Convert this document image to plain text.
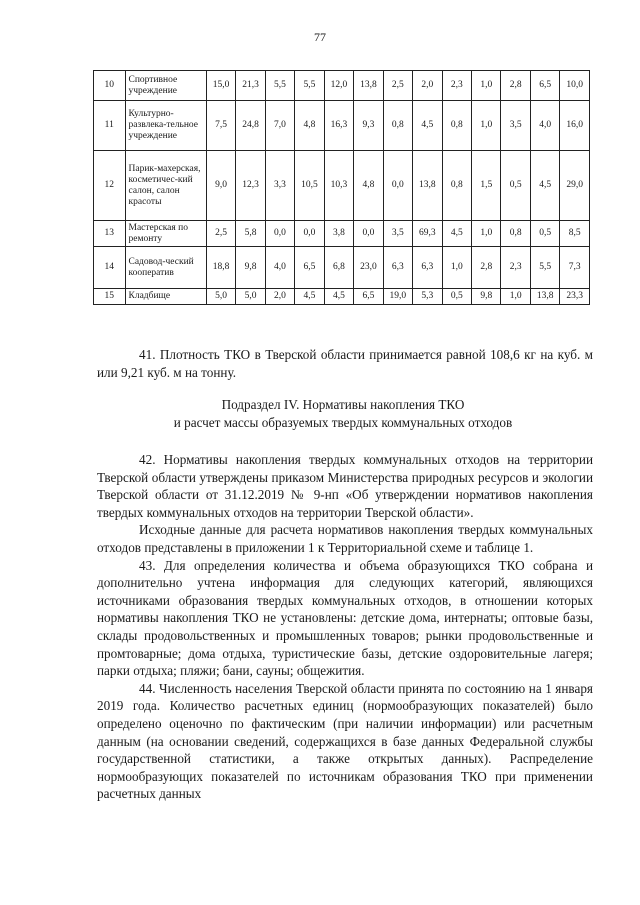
77
10	Спортивное учреждение	15,0	21,3	5,5	5,5	12,0	13,8	2,5	2,0	2,3	1,0	2,8	6,5	10,0
11	Культурно-развлека-тельное учреждение	7,5	24,8	7,0	4,8	16,3	9,3	0,8	4,5	0,8	1,0	3,5	4,0	16,0
12	Парик-махерская, косметичес-кий салон, салон красоты	9,0	12,3	3,3	10,5	10,3	4,8	0,0	13,8	0,8	1,5	0,5	4,5	29,0
13	Мастерская по ремонту	2,5	5,8	0,0	0,0	3,8	0,0	3,5	69,3	4,5	1,0	0,8	0,5	8,5
14	Садовод-ческий кооператив	18,8	9,8	4,0	6,5	6,8	23,0	6,3	6,3	1,0	2,8	2,3	5,5	7,3
15	Кладбище	5,0	5,0	2,0	4,5	4,5	6,5	19,0	5,3	0,5	9,8	1,0	13,8	23,3

41. Плотность ТКО в Тверской области принимается равной 108,6 кг на куб. м или 9,21 куб. м на тонну.

Подраздел IV. Нормативы накопления ТКО
и расчет массы образуемых твердых коммунальных отходов

42. Нормативы накопления твердых коммунальных отходов на территории Тверской области утверждены приказом Министерства природных ресурсов и экологии Тверской области от 31.12.2019 № 9-нп «Об утверждении нормативов накопления твердых коммунальных отходов на территории Тверской области».

Исходные данные для расчета нормативов накопления твердых коммунальных отходов представлены в приложении 1 к Территориальной схеме и таблице 1.

43. Для определения количества и объема образующихся ТКО собрана и дополнительно учтена информация для следующих категорий, являющихся источниками образования твердых коммунальных отходов, в отношении которых нормативы накопления ТКО не установлены: детские дома, интернаты; оптовые базы, склады продовольственных и промышленных товаров; рынки продовольственные и промтоварные; дома отдыха, туристические базы, детские оздоровительные лагеря; парки отдыха; пляжи; бани, сауны; общежития.

44. Численность населения Тверской области принята по состоянию на 1 января 2019 года. Количество расчетных единиц (нормообразующих показателей) было определено оценочно по фактическим (при наличии информации) или расчетным данным (на основании сведений, содержащихся в базе данных Федеральной службы государственной статистики, а также открытых данных). Распределение нормообразующих показателей по источникам образования ТКО при применении расчетных данных
